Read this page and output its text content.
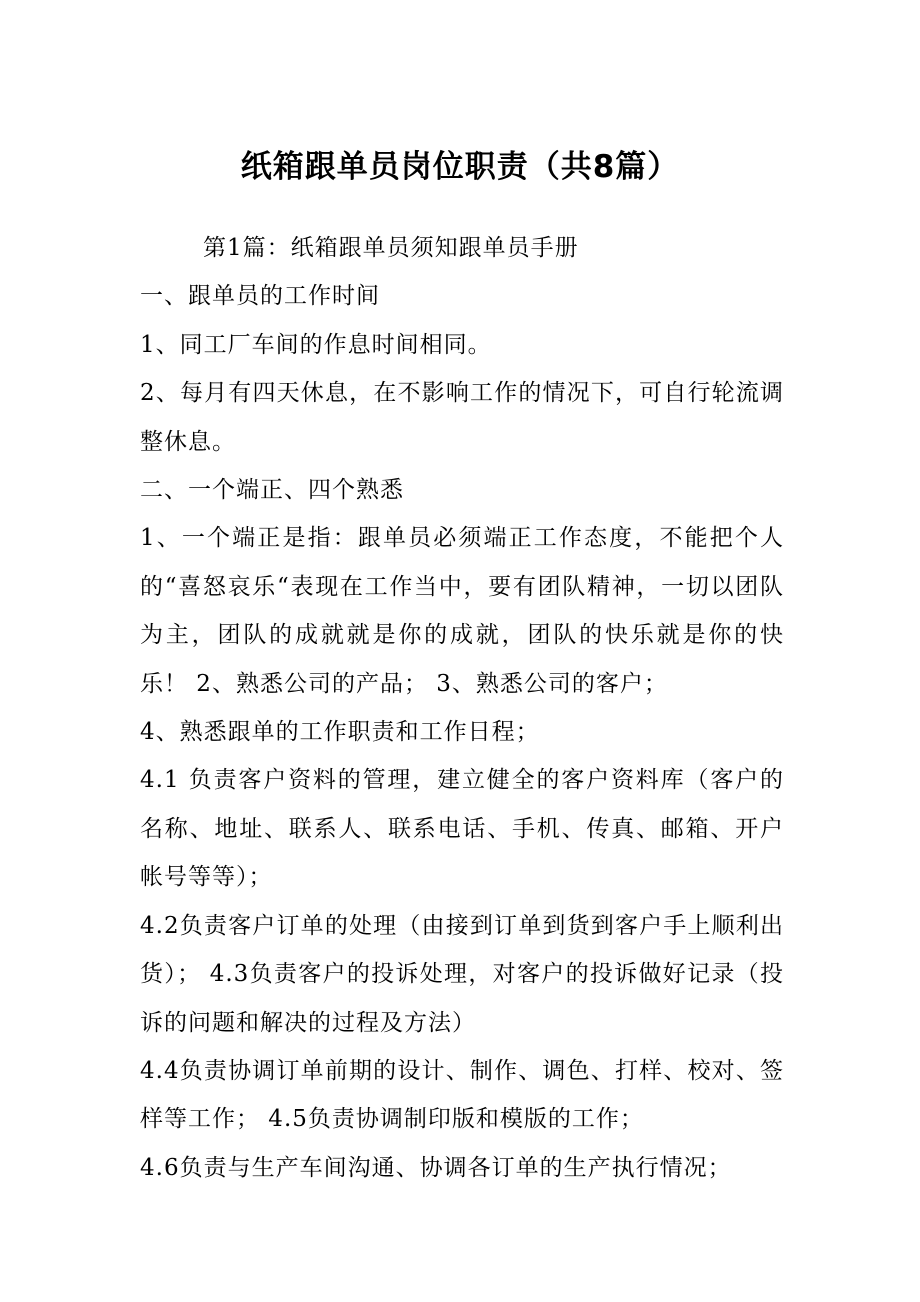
纸箱跟单员岗位职责（共8篇）

第1篇：纸箱跟单员须知跟单员手册

一、跟单员的工作时间

1、同工厂车间的作息时间相同。

2、每月有四天休息，在不影响工作的情况下，可自行轮流调整休息。

二、一个端正、四个熟悉

1、一个端正是指：跟单员必须端正工作态度，不能把个人的“喜怒哀乐“表现在工作当中，要有团队精神，一切以团队为主，团队的成就就是你的成就，团队的快乐就是你的快乐！ 2、熟悉公司的产品； 3、熟悉公司的客户；

4、熟悉跟单的工作职责和工作日程；

4.1 负责客户资料的管理，建立健全的客户资料库（客户的名称、地址、联系人、联系电话、手机、传真、邮箱、开户帐号等等）；

4.2负责客户订单的处理（由接到订单到货到客户手上顺利出货）； 4.3负责客户的投诉处理，对客户的投诉做好记录（投诉的问题和解决的过程及方法）

4.4负责协调订单前期的设计、制作、调色、打样、校对、签样等工作； 4.5负责协调制印版和模版的工作；

4.6负责与生产车间沟通、协调各订单的生产执行情况；
